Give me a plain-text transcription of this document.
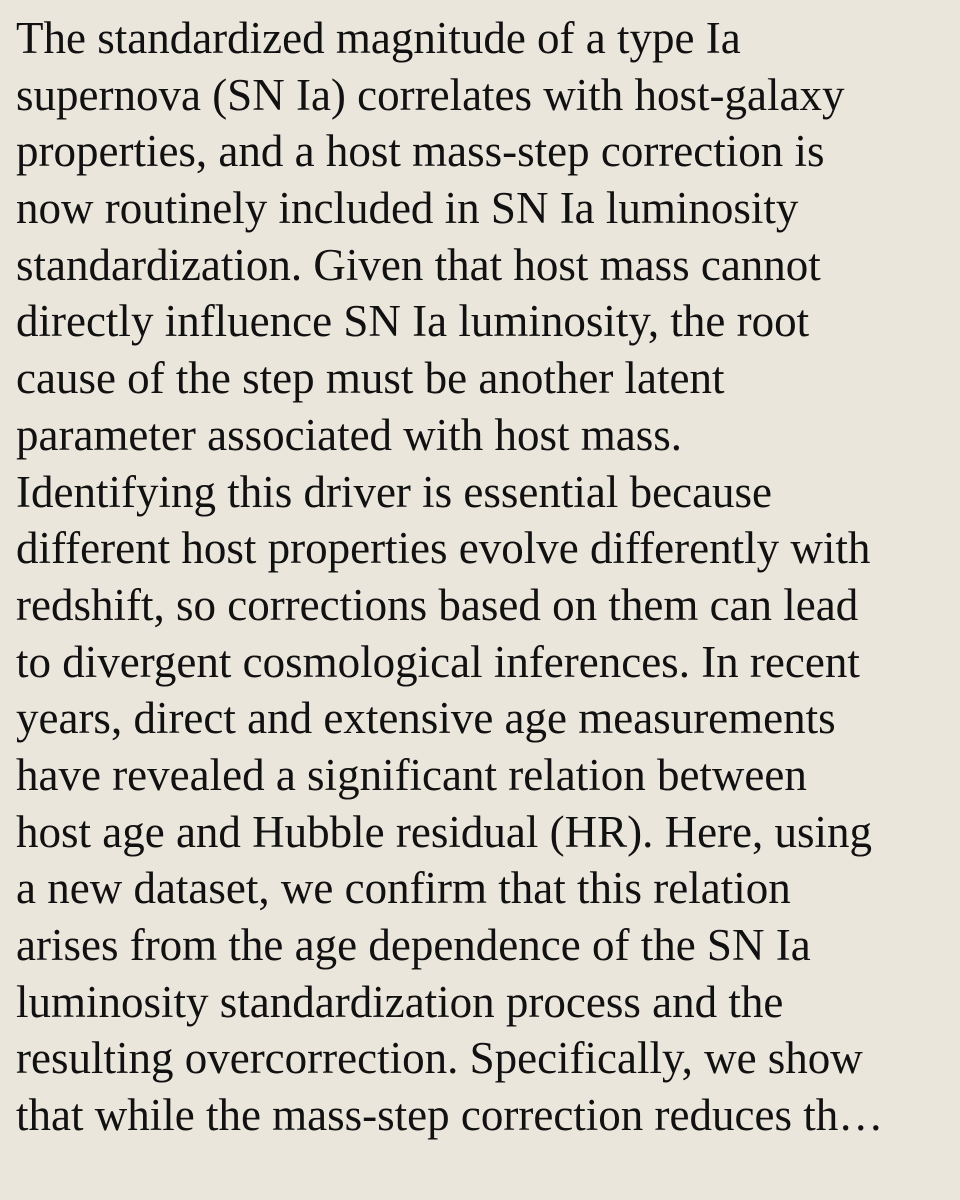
The standardized magnitude of a type Ia
supernova (SN Ia) correlates with host-galaxy
properties, and a host mass-step correction is
now routinely included in SN Ia luminosity
standardization. Given that host mass cannot
directly influence SN Ia luminosity, the root
cause of the step must be another latent
parameter associated with host mass.
Identifying this driver is essential because
different host properties evolve differently with
redshift, so corrections based on them can lead
to divergent cosmological inferences. In recent
years, direct and extensive age measurements
have revealed a significant relation between
host age and Hubble residual (HR). Here, using
a new dataset, we confirm that this relation
arises from the age dependence of the SN Ia
luminosity standardization process and the
resulting overcorrection. Specifically, we show
that while the mass-step correction reduces th…
